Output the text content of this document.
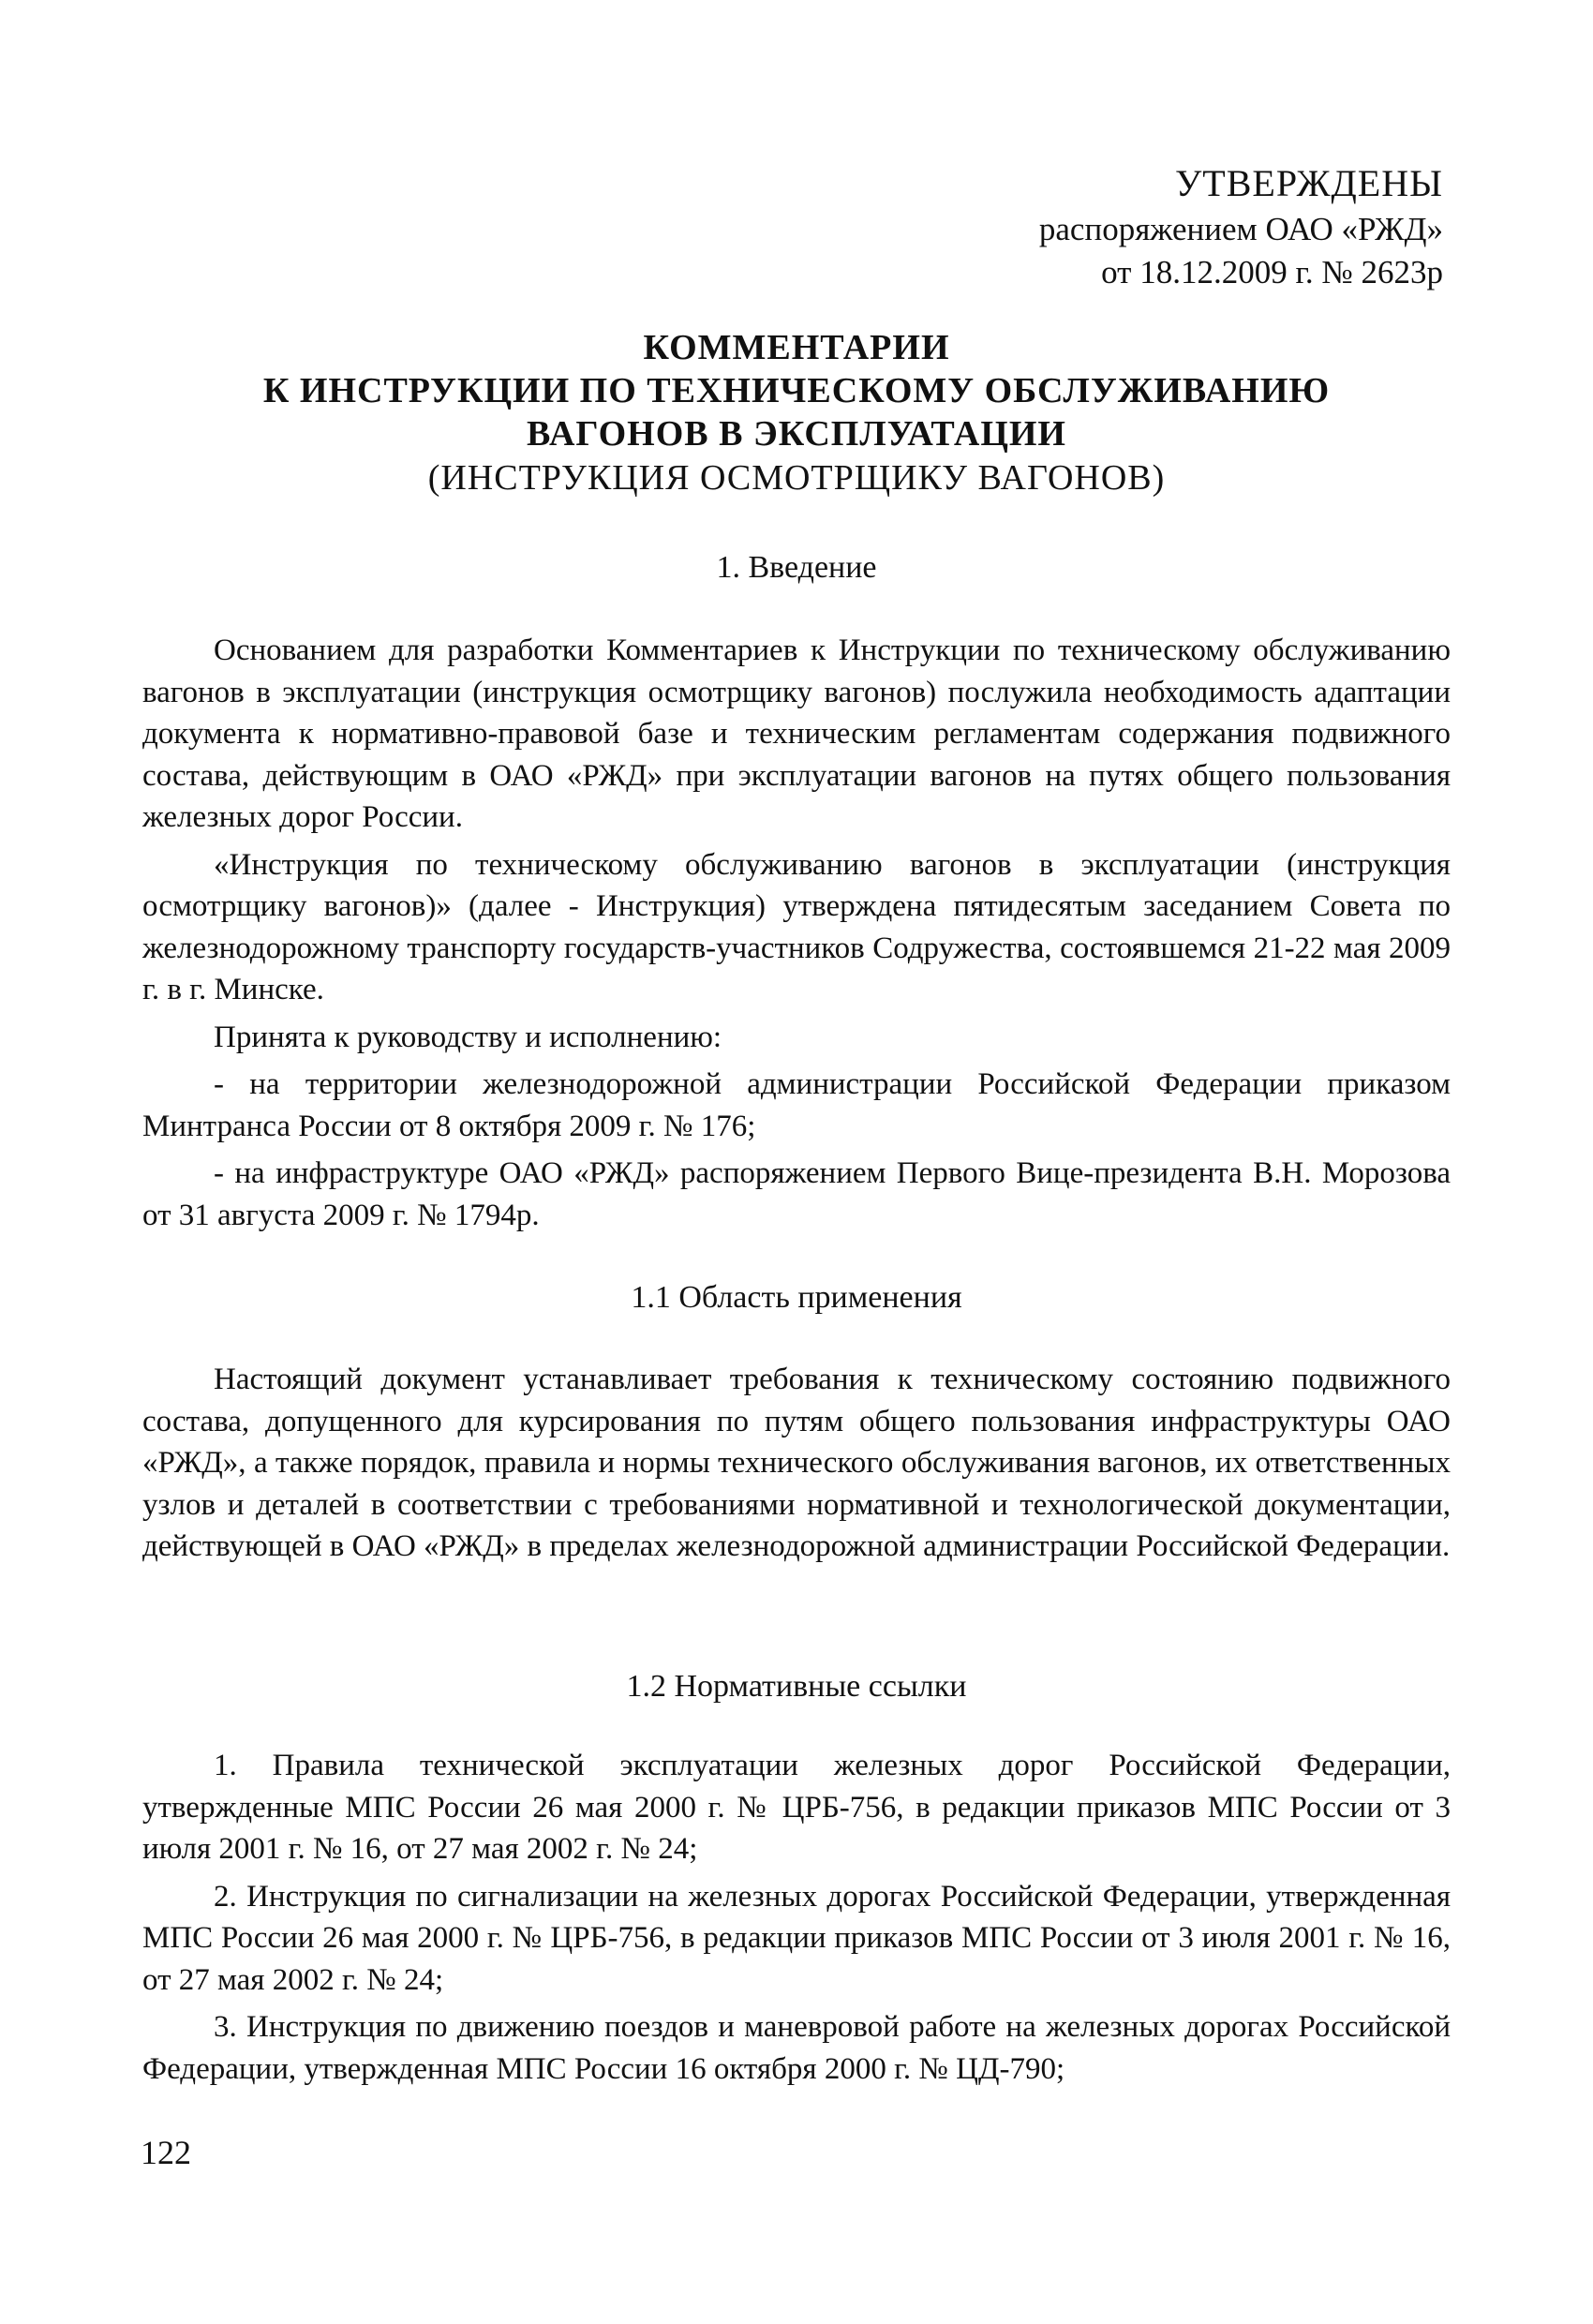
УТВЕРЖДЕНЫ
распоряжением ОАО «РЖД»
от 18.12.2009 г. № 2623р
КОММЕНТАРИИ
К ИНСТРУКЦИИ ПО ТЕХНИЧЕСКОМУ ОБСЛУЖИВАНИЮ
ВАГОНОВ В ЭКСПЛУАТАЦИИ
(ИНСТРУКЦИЯ ОСМОТРЩИКУ ВАГОНОВ)
1. Введение

Основанием для разработки Комментариев к Инструкции по техническому обслуживанию вагонов в эксплуатации (инструкция осмотрщику вагонов) послужила необходимость адаптации документа к нормативно-правовой базе и техническим регламентам содержания подвижного состава, действующим в ОАО «РЖД» при эксплуатации вагонов на путях общего пользования железных дорог России.

«Инструкция по техническому обслуживанию вагонов в эксплуатации (инструкция осмотрщику вагонов)» (далее - Инструкция) утверждена пятидесятым заседанием Совета по железнодорожному транспорту государств-участников Содружества, состоявшемся 21-22 мая 2009 г. в г. Минске.

Принята к руководству и исполнению:

- на территории железнодорожной администрации Российской Федерации приказом Минтранса России от 8 октября 2009 г. № 176;

- на инфраструктуре ОАО «РЖД» распоряжением Первого Вице-президента В.Н. Морозова от 31 августа 2009 г. № 1794р.

1.1 Область применения

Настоящий документ устанавливает требования к техническому состоянию подвижного состава, допущенного для курсирования по путям общего пользования инфраструктуры ОАО «РЖД», а также порядок, правила и нормы технического обслуживания вагонов, их ответственных узлов и деталей в соответствии с требованиями нормативной и технологической документации, действующей в ОАО «РЖД» в пределах железнодорожной администрации Российской Федерации.

1.2 Нормативные ссылки

1. Правила технической эксплуатации железных дорог Российской Федерации, утвержденные МПС России 26 мая 2000 г. № ЦРБ-756, в редакции приказов МПС России от 3 июля 2001 г. № 16, от 27 мая 2002 г. № 24;

2. Инструкция по сигнализации на железных дорогах Российской Федерации, утвержденная МПС России 26 мая 2000 г. № ЦРБ-756, в редакции приказов МПС России от 3 июля 2001 г. № 16, от 27 мая 2002 г. № 24;

3. Инструкция по движению поездов и маневровой работе на железных дорогах Российской Федерации, утвержденная МПС России 16 октября 2000 г. № ЦД-790;

122
